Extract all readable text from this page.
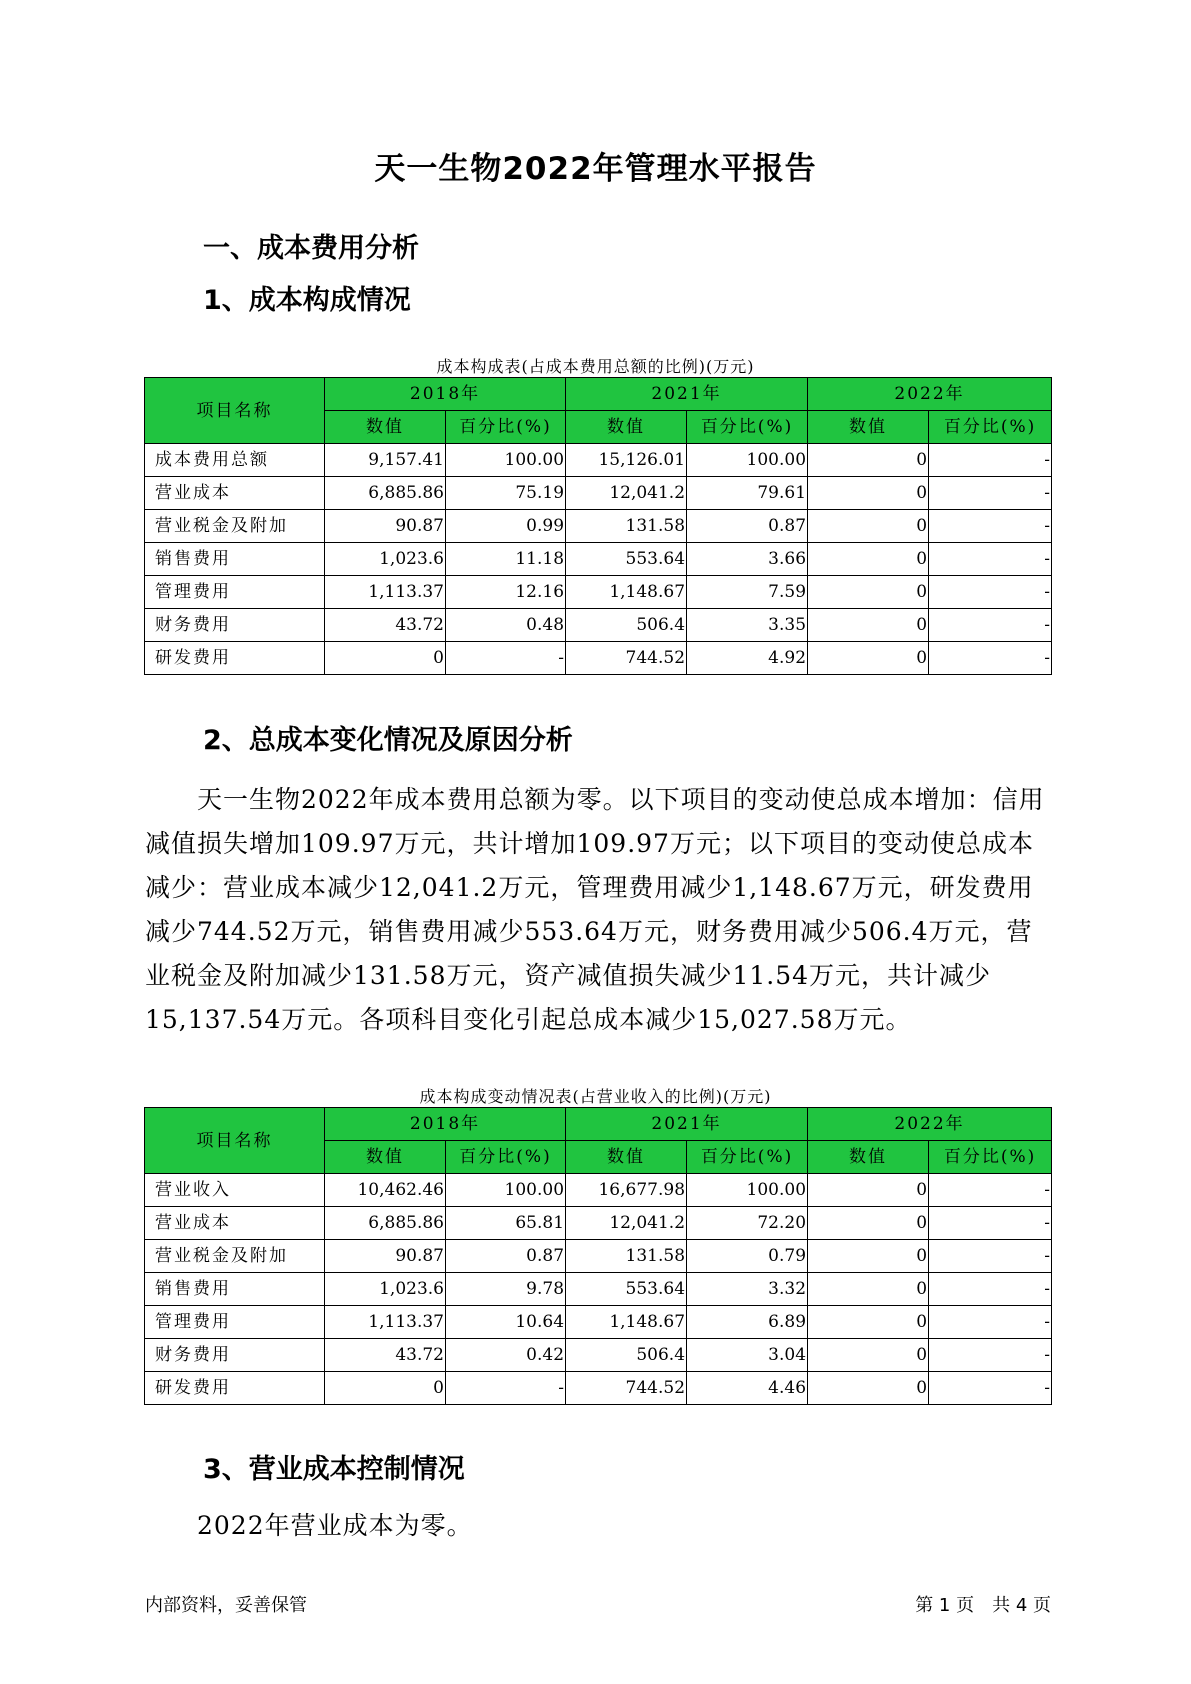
天一生物2022年管理水平报告
一、成本费用分析
1、成本构成情况
成本构成表(占成本费用总额的比例)(万元)
项目名称	2018年		2021年		2022年	
	数值	百分比(%)	数值	百分比(%)	数值	百分比(%)
成本费用总额	9,157.41	100.00	15,126.01	100.00	0	-
营业成本	6,885.86	75.19	12,041.2	79.61	0	-
营业税金及附加	90.87	0.99	131.58	0.87	0	-
销售费用	1,023.6	11.18	553.64	3.66	0	-
管理费用	1,113.37	12.16	1,148.67	7.59	0	-
财务费用	43.72	0.48	506.4	3.35	0	-
研发费用	0	-	744.52	4.92	0	-
2、总成本变化情况及原因分析

天一生物2022年成本费用总额为零。以下项目的变动使总成本增加：信用减值损失增加109.97万元，共计增加109.97万元；以下项目的变动使总成本减少：营业成本减少12,041.2万元，管理费用减少1,148.67万元，研发费用减少744.52万元，销售费用减少553.64万元，财务费用减少506.4万元，营业税金及附加减少131.58万元，资产减值损失减少11.54万元，共计减少15,137.54万元。各项科目变化引起总成本减少15,027.58万元。

成本构成变动情况表(占营业收入的比例)(万元)
项目名称	2018年		2021年		2022年	
	数值	百分比(%)	数值	百分比(%)	数值	百分比(%)
营业收入	10,462.46	100.00	16,677.98	100.00	0	-
营业成本	6,885.86	65.81	12,041.2	72.20	0	-
营业税金及附加	90.87	0.87	131.58	0.79	0	-
销售费用	1,023.6	9.78	553.64	3.32	0	-
管理费用	1,113.37	10.64	1,148.67	6.89	0	-
财务费用	43.72	0.42	506.4	3.04	0	-
研发费用	0	-	744.52	4.46	0	-
3、营业成本控制情况

2022年营业成本为零。

内部资料，妥善保管	第 1 页　共 4 页
